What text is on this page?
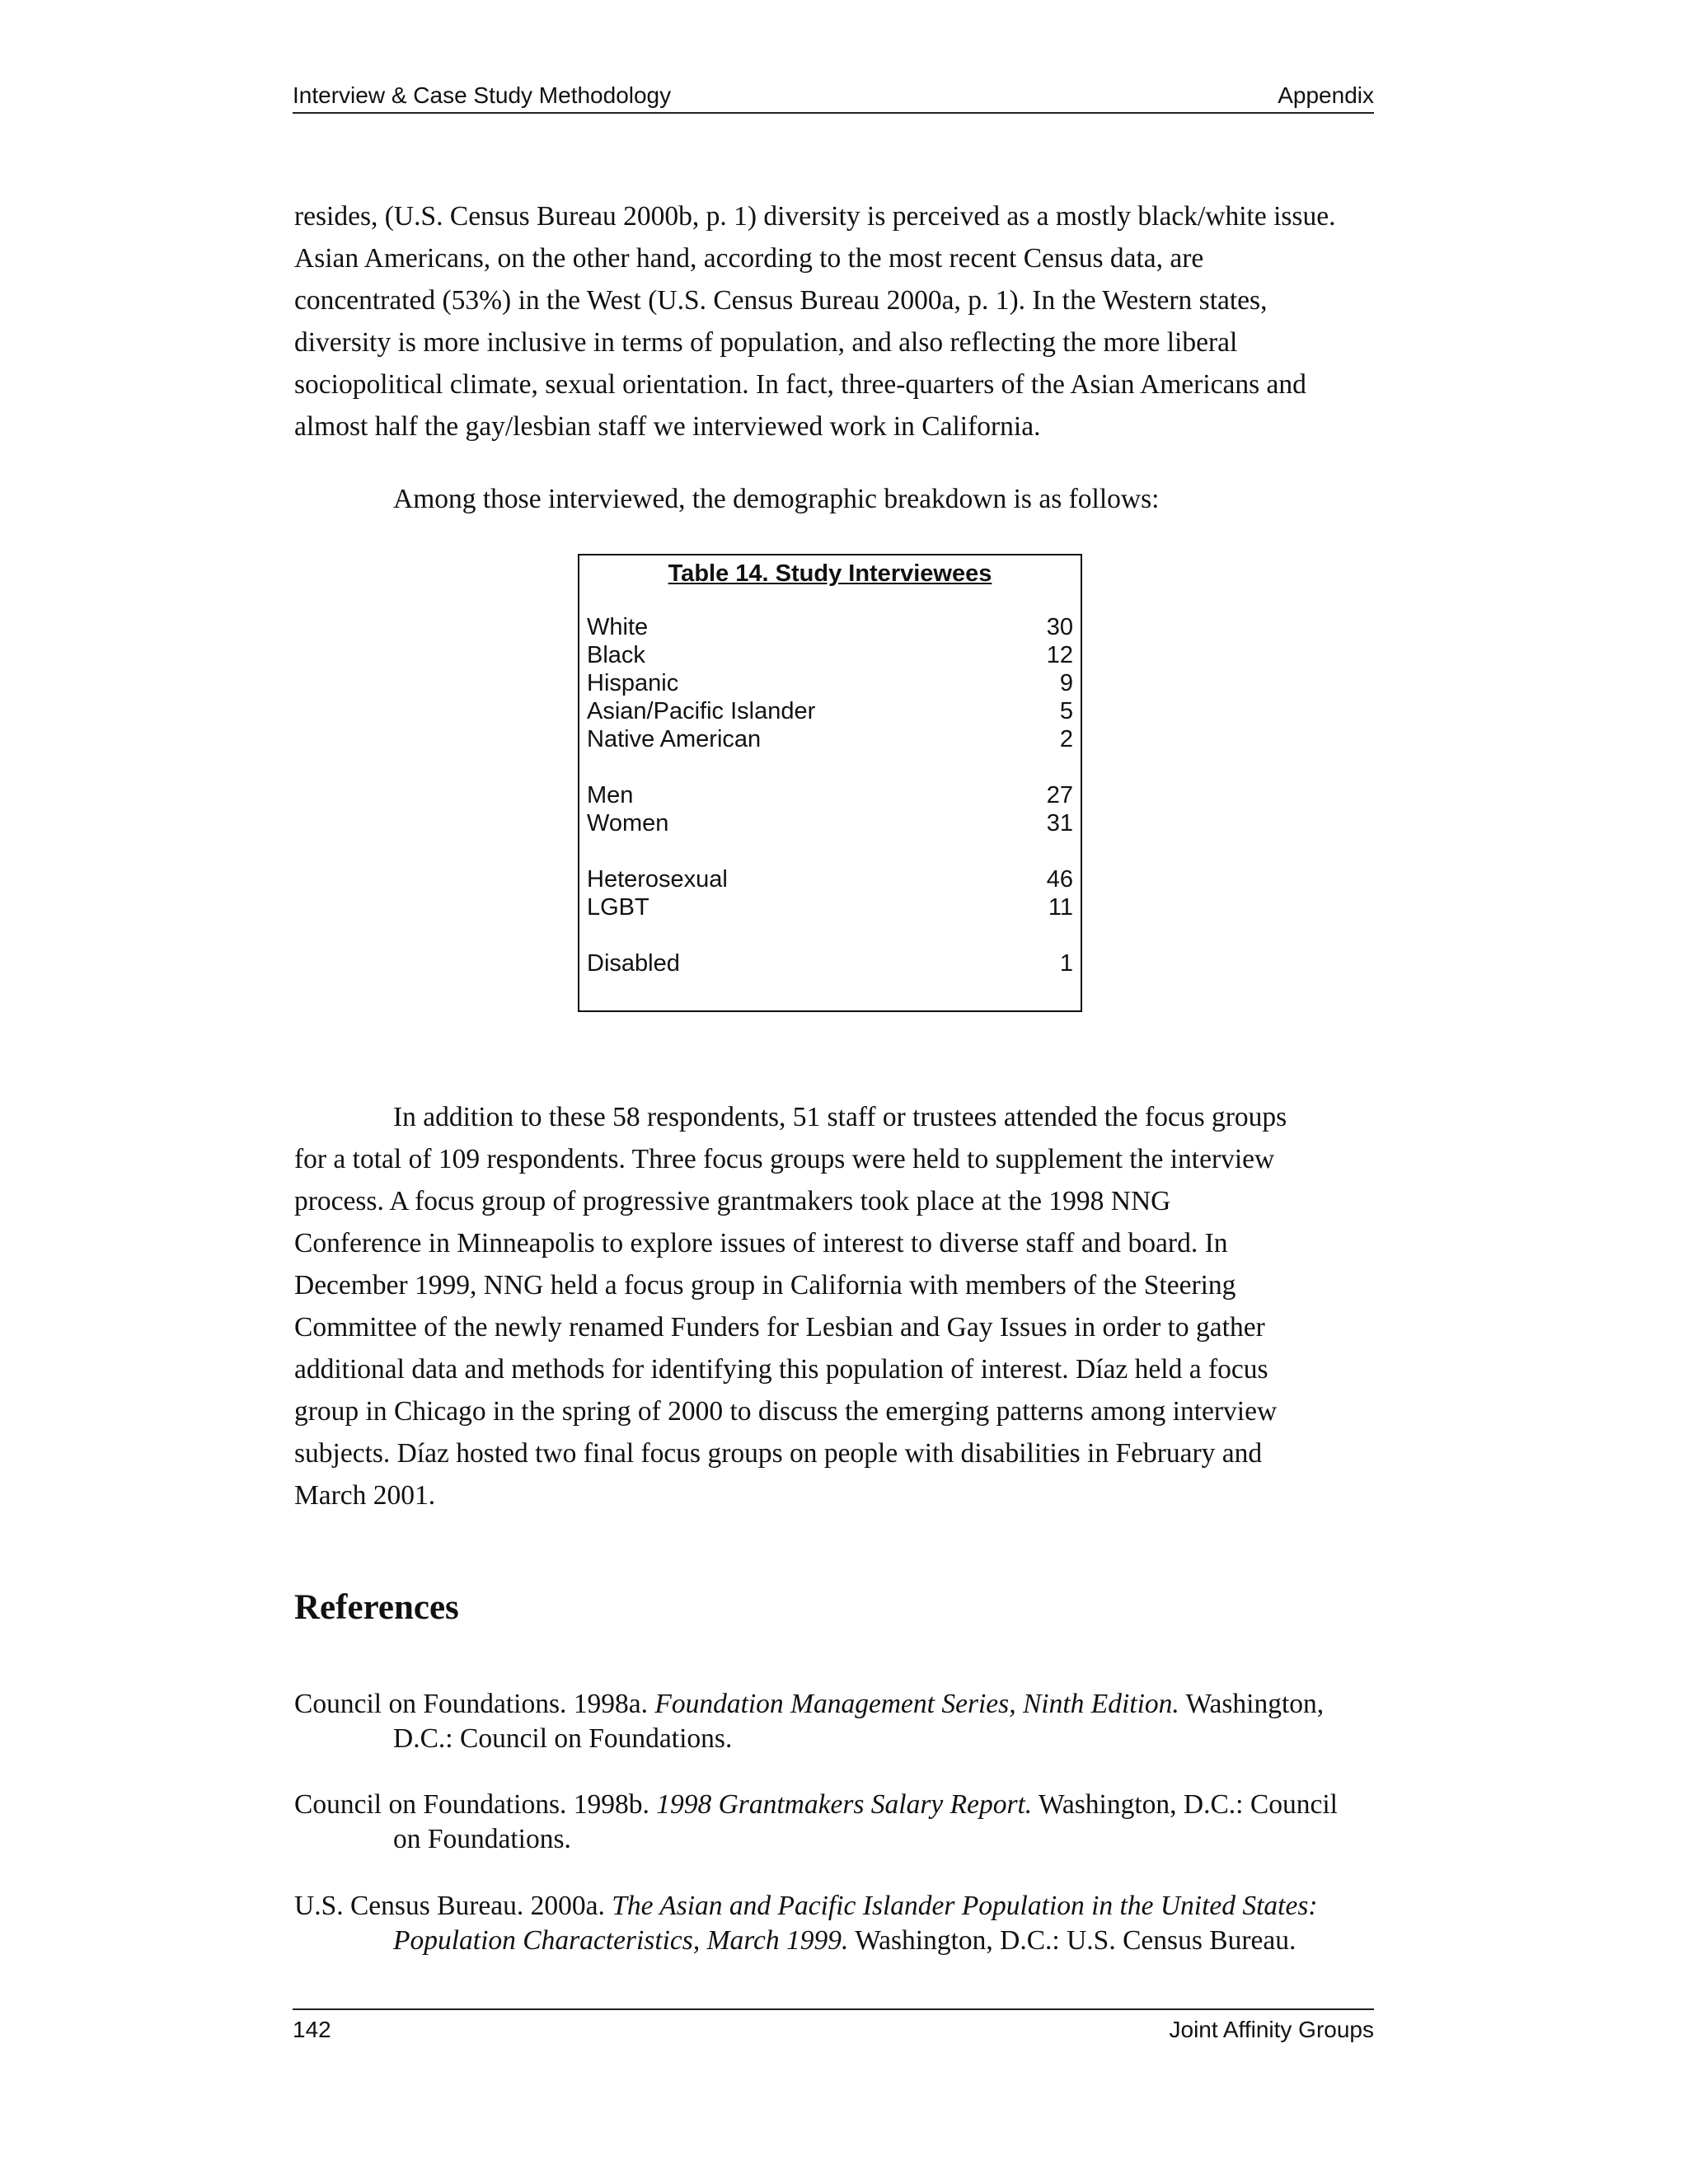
Interview & Case Study Methodology	Appendix
resides, (U.S. Census Bureau 2000b, p. 1) diversity is perceived as a mostly black/white issue.
Asian Americans, on the other hand, according to the most recent Census data, are
concentrated (53%) in the West (U.S. Census Bureau 2000a, p. 1). In the Western states,
diversity is more inclusive in terms of population, and also reflecting the more liberal
sociopolitical climate, sexual orientation. In fact, three-quarters of the Asian Americans and
almost half the gay/lesbian staff we interviewed work in California.
Among those interviewed, the demographic breakdown is as follows:
Table 14. Study Interviewees
White	30
Black	12
Hispanic	9
Asian/Pacific Islander	5
Native American	2
Men	27
Women	31
Heterosexual	46
LGBT	11
Disabled	1
In addition to these 58 respondents, 51 staff or trustees attended the focus groups
for a total of 109 respondents. Three focus groups were held to supplement the interview
process. A focus group of progressive grantmakers took place at the 1998 NNG
Conference in Minneapolis to explore issues of interest to diverse staff and board. In
December 1999, NNG held a focus group in California with members of the Steering
Committee of the newly renamed Funders for Lesbian and Gay Issues in order to gather
additional data and methods for identifying this population of interest. Díaz held a focus
group in Chicago in the spring of 2000 to discuss the emerging patterns among interview
subjects. Díaz hosted two final focus groups on people with disabilities in February and
March 2001.
References
Council on Foundations. 1998a. Foundation Management Series, Ninth Edition. Washington,
D.C.: Council on Foundations.
Council on Foundations. 1998b. 1998 Grantmakers Salary Report. Washington, D.C.: Council
on Foundations.
U.S. Census Bureau. 2000a. The Asian and Pacific Islander Population in the United States:
Population Characteristics, March 1999. Washington, D.C.: U.S. Census Bureau.
142	Joint Affinity Groups
